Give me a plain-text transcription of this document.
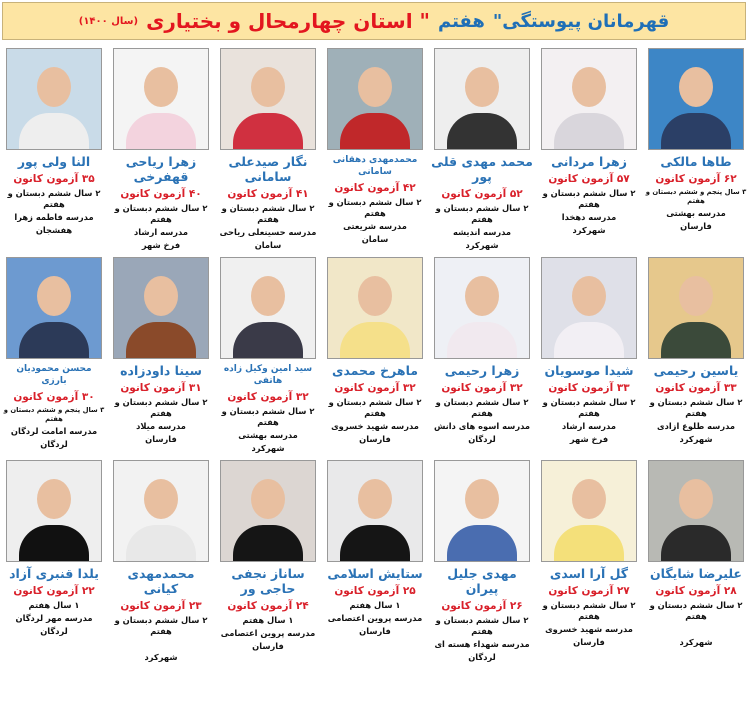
قهرمانان پیوستگی"
هفتم
" استان چهارمحال و بختیاری
(سال ۱۴۰۰)
طاها مالکی
۶۲ آزمون کانون
۳ سال پنجم و ششم دبستان و هفتم
مدرسه بهشتی
فارسان
زهرا مردانی
۵۷ آزمون کانون
۲ سال ششم دبستان و هفتم
مدرسه دهخدا
شهرکرد
محمد مهدی قلی پور
۵۲ آزمون کانون
۲ سال ششم دبستان و هفتم
مدرسه اندیشه
شهرکرد
محمدمهدی دهقانی سامانی
۴۲ آزمون کانون
۲ سال ششم دبستان و هفتم
مدرسه شریعتی
سامان
نگار صیدعلی سامانی
۴۱ آزمون کانون
۲ سال ششم دبستان و هفتم
مدرسه حسینعلی ریاحی
سامان
زهرا ریاحی قهفرخی
۴۰ آزمون کانون
۲ سال ششم دبستان و هفتم
مدرسه ارشاد
فرخ شهر
النا ولی پور
۳۵ آزمون کانون
۲ سال ششم دبستان و هفتم
مدرسه فاطمه زهرا
هفشجان
یاسین رحیمی
۳۳ آزمون کانون
۲ سال ششم دبستان و هفتم
مدرسه طلوع ازادی
شهرکرد
شیدا موسویان
۳۳ آزمون کانون
۲ سال ششم دبستان و هفتم
مدرسه ارشاد
فرخ شهر
زهرا رحیمی
۳۲ آزمون کانون
۲ سال ششم دبستان و هفتم
مدرسه اسوه های دانش
لردگان
ماهرخ محمدی
۳۲ آزمون کانون
۲ سال ششم دبستان و هفتم
مدرسه شهید خسروی
فارسان
سید امین وکیل زاده هاتفی
۳۲ آزمون کانون
۲ سال ششم دبستان و هفتم
مدرسه بهشتی
شهرکرد
سینا داودزاده
۳۱ آزمون کانون
۲ سال ششم دبستان و هفتم
مدرسه میلاد
فارسان
محسن محمودیان بارزی
۳۰ آزمون کانون
۳ سال پنجم و ششم دبستان و هفتم
مدرسه امامت لردگان
لردگان
علیرضا شایگان
۲۸ آزمون کانون
۲ سال ششم دبستان و هفتم
شهرکرد
گل آرا اسدی
۲۷ آزمون کانون
۲ سال ششم دبستان و هفتم
مدرسه شهید خسروی
فارسان
مهدی جلیل پیران
۲۶ آزمون کانون
۲ سال ششم دبستان و هفتم
مدرسه شهداء هسته ای
لردگان
ستایش اسلامی
۲۵ آزمون کانون
۱ سال هفتم
مدرسه پروین اعتصامی
فارسان
ساناز نجفی حاجی ور
۲۴ آزمون کانون
۱ سال هفتم
مدرسه پروین اعتصامی
فارسان
محمدمهدی کیانی
۲۳ آزمون کانون
۲ سال ششم دبستان و هفتم
شهرکرد
یلدا قنبری آزاد
۲۲ آزمون کانون
۱ سال هفتم
مدرسه مهر لردگان
لردگان
